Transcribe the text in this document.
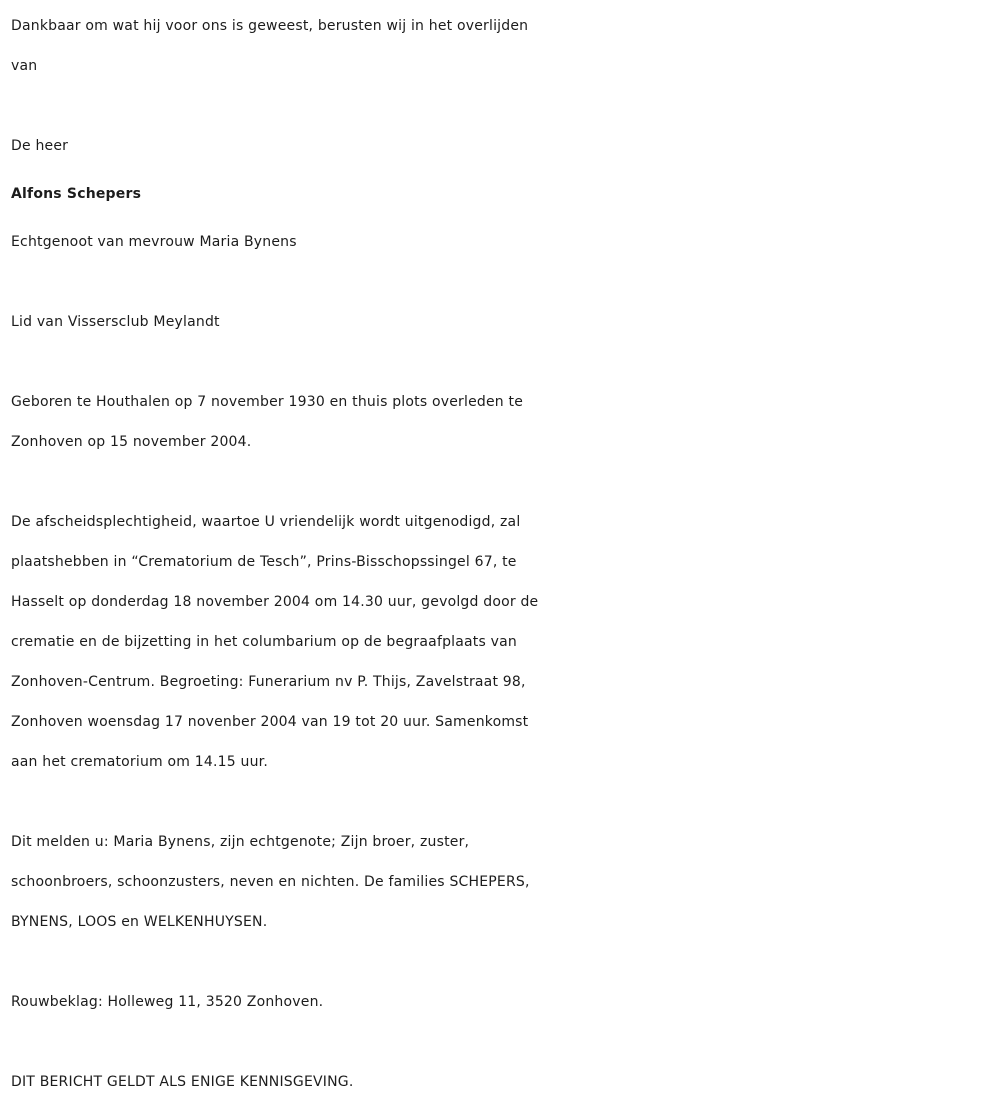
Dankbaar om wat hij voor ons is geweest, berusten wij in het overlijden
van
De heer
Alfons Schepers
Echtgenoot van mevrouw Maria Bynens
Lid van Vissersclub Meylandt
Geboren te Houthalen op 7 november 1930 en thuis plots overleden te
Zonhoven op 15 november 2004.
De afscheidsplechtigheid, waartoe U vriendelijk wordt uitgenodigd, zal
plaatshebben in “Crematorium de Tesch”, Prins-Bisschopssingel 67, te
Hasselt op donderdag 18 november 2004 om 14.30 uur, gevolgd door de
crematie en de bijzetting in het columbarium op de begraafplaats van
Zonhoven-Centrum. Begroeting: Funerarium nv P. Thijs, Zavelstraat 98,
Zonhoven woensdag 17 novenber 2004 van 19 tot 20 uur. Samenkomst
aan het crematorium om 14.15 uur.
Dit melden u: Maria Bynens, zijn echtgenote; Zijn broer, zuster,
schoonbroers, schoonzusters, neven en nichten. De families SCHEPERS,
BYNENS, LOOS en WELKENHUYSEN.
Rouwbeklag: Holleweg 11, 3520 Zonhoven.
DIT BERICHT GELDT ALS ENIGE KENNISGEVING.
